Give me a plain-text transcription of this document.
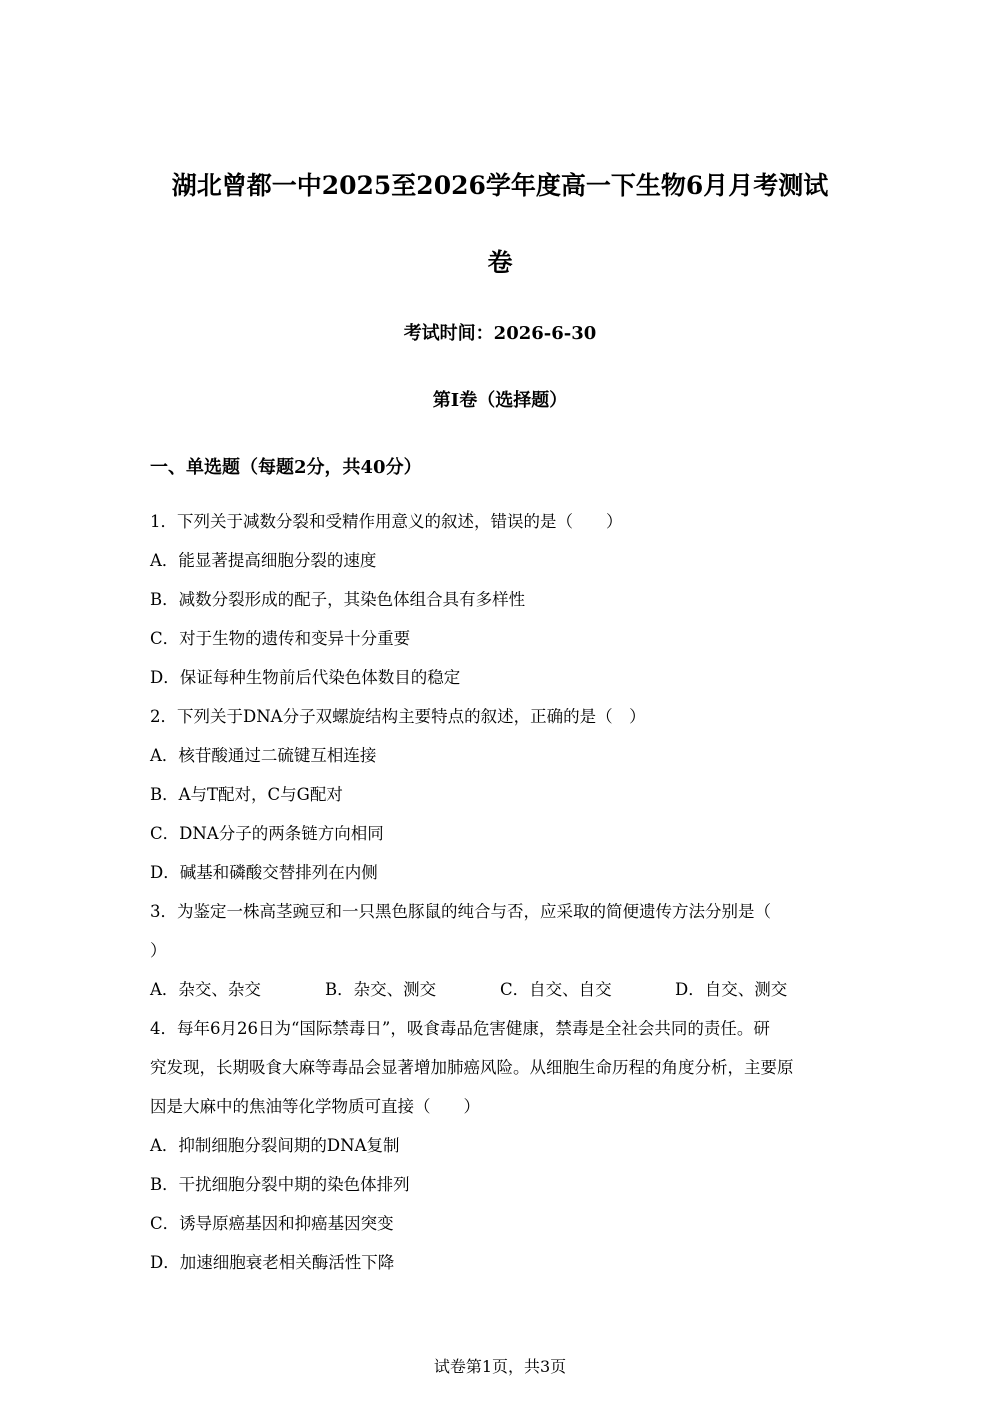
湖北曾都一中2025至2026学年度高一下生物6月月考测试
卷
考试时间：2026-6-30
第I卷（选择题）
一、单选题（每题2分，共40分）
1．下列关于减数分裂和受精作用意义的叙述，错误的是（　　）
A．能显著提高细胞分裂的速度
B．减数分裂形成的配子，其染色体组合具有多样性
C．对于生物的遗传和变异十分重要
D．保证每种生物前后代染色体数目的稳定
2．下列关于DNA分子双螺旋结构主要特点的叙述，正确的是（　）
A．核苷酸通过二硫键互相连接
B．A与T配对，C与G配对
C．DNA分子的两条链方向相同
D．碱基和磷酸交替排列在内侧
3．为鉴定一株高茎豌豆和一只黑色豚鼠的纯合与否，应采取的简便遗传方法分别是（
）
A．杂交、杂交	B．杂交、测交	C．自交、自交	D．自交、测交
4．每年6月26日为“国际禁毒日”，吸食毒品危害健康，禁毒是全社会共同的责任。研
究发现，长期吸食大麻等毒品会显著增加肺癌风险。从细胞生命历程的角度分析，主要原
因是大麻中的焦油等化学物质可直接（　　）
A．抑制细胞分裂间期的DNA复制
B．干扰细胞分裂中期的染色体排列
C．诱导原癌基因和抑癌基因突变
D．加速细胞衰老相关酶活性下降
试卷第1页，共3页
